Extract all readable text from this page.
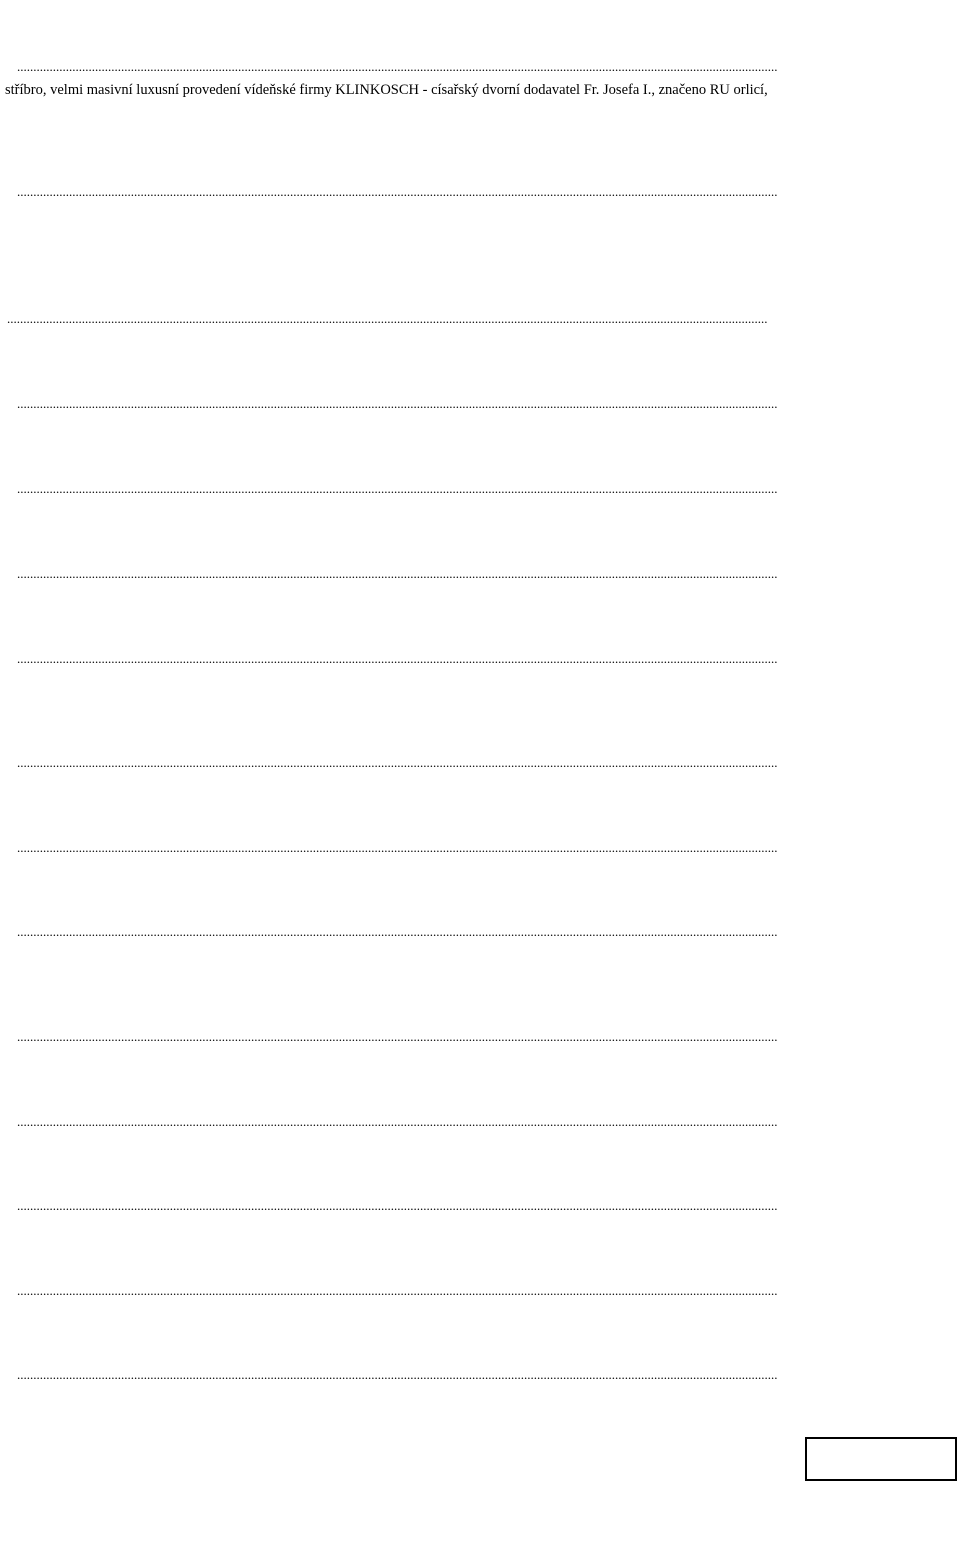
..........................................................................................................................................................................................................................................
stříbro, velmi masivní luxusní provedení vídeňské firmy KLINKOSCH - císařský dvorní dodavatel Fr. Josefa I., značeno RU orlicí,
..........................................................................................................................................................................................................................................

..........................................................................................................................................................................................................................................
..........................................................................................................................................................................................................................................
..........................................................................................................................................................................................................................................
..........................................................................................................................................................................................................................................
..........................................................................................................................................................................................................................................
..........................................................................................................................................................................................................................................
..........................................................................................................................................................................................................................................
..........................................................................................................................................................................................................................................
..........................................................................................................................................................................................................................................
..........................................................................................................................................................................................................................................
..........................................................................................................................................................................................................................................
..........................................................................................................................................................................................................................................
..........................................................................................................................................................................................................................................
